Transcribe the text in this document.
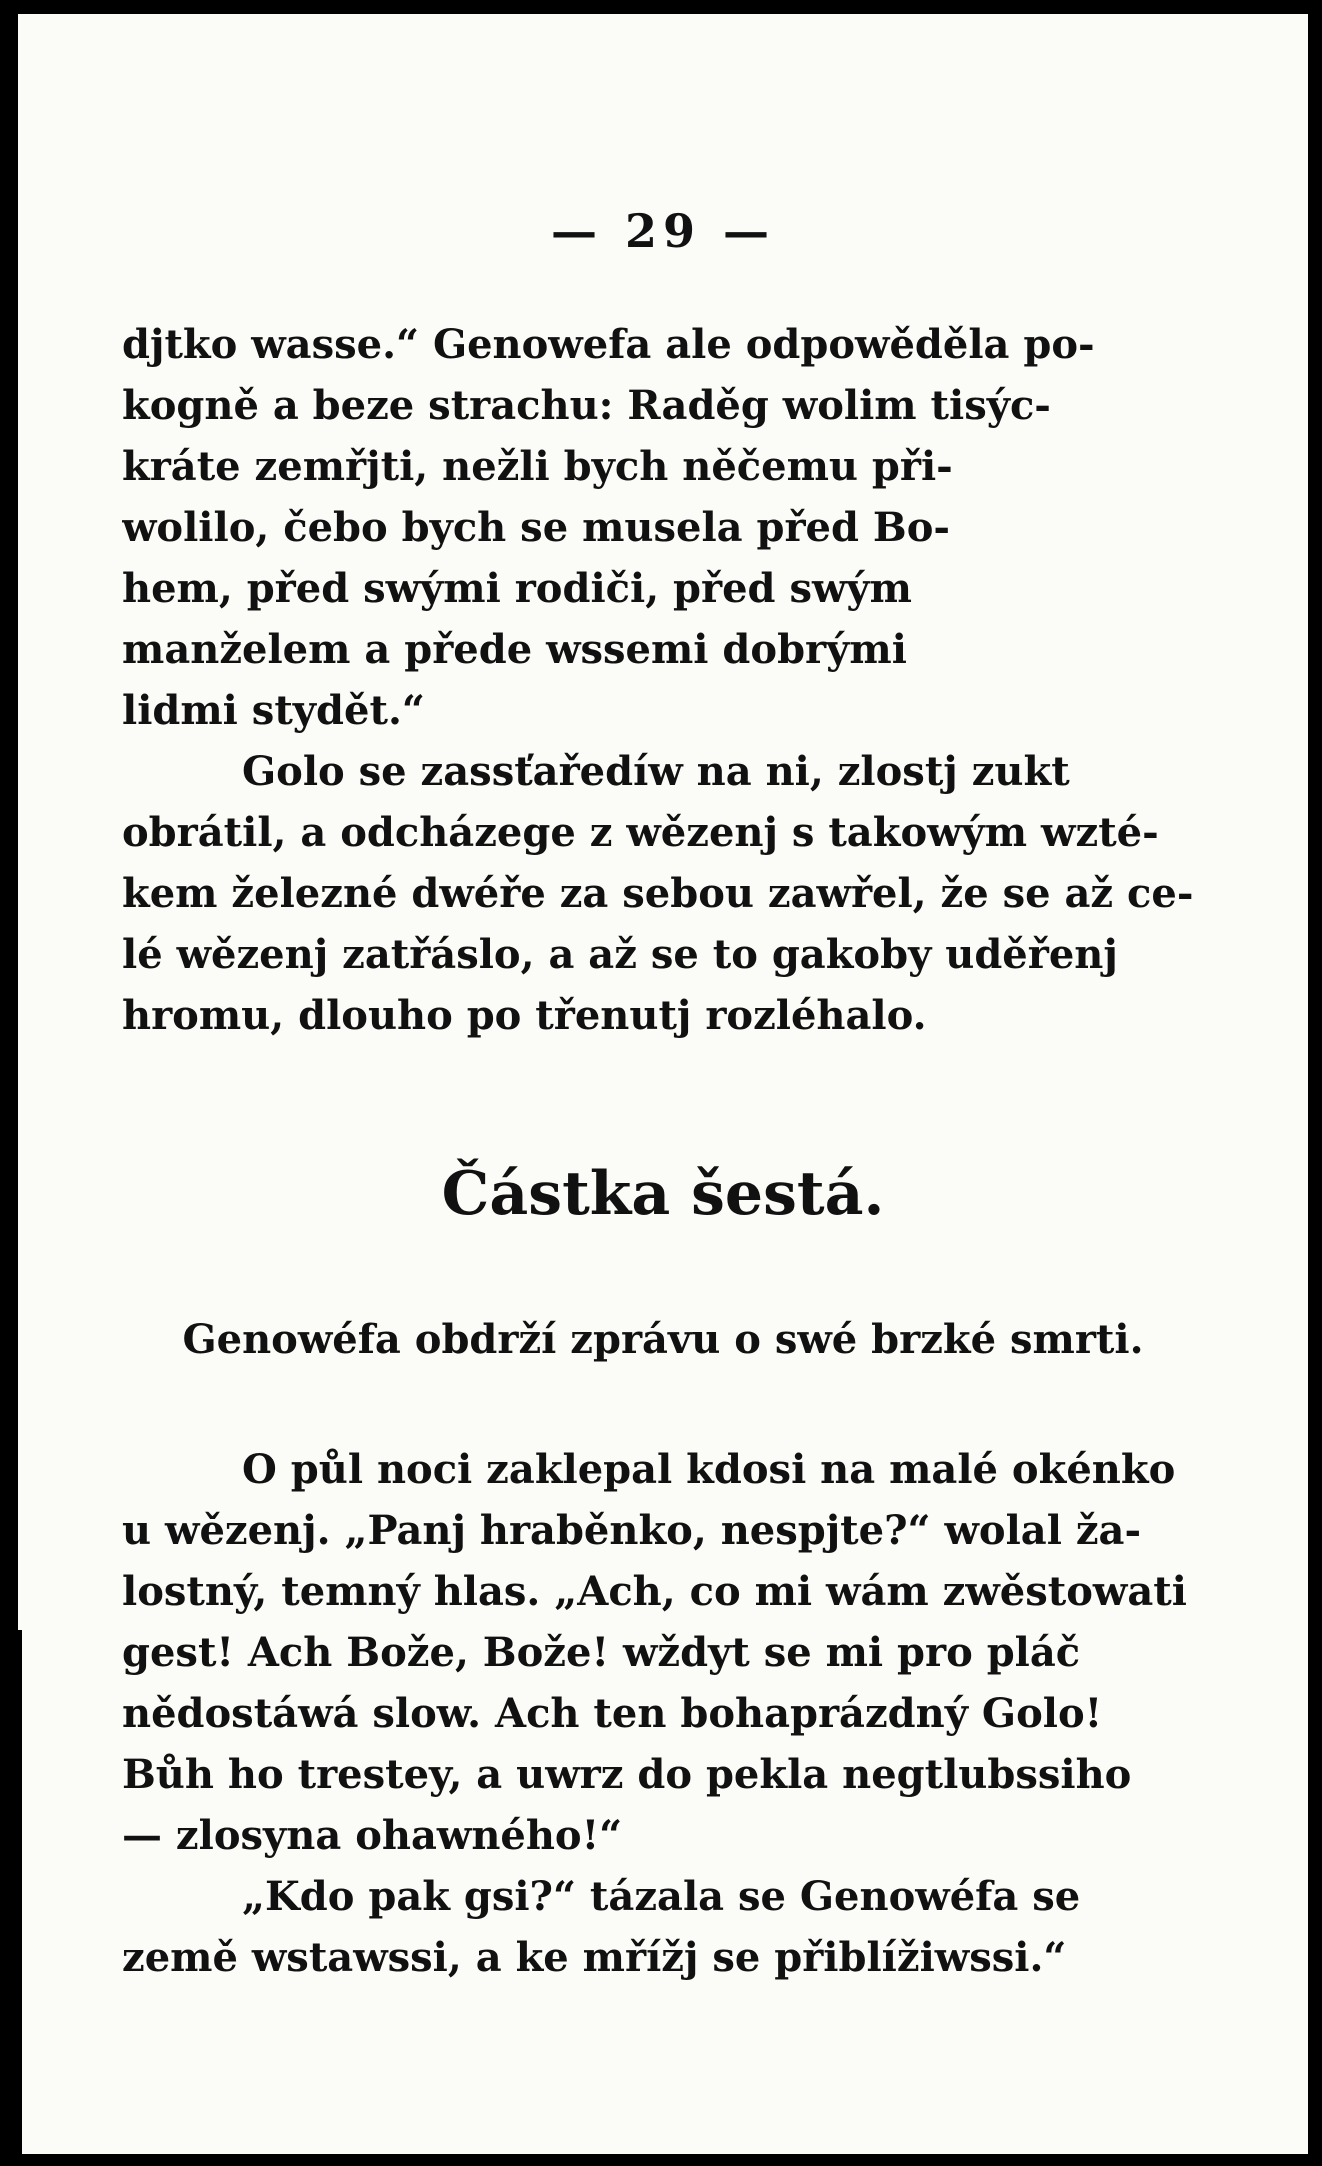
— 29 —
djtko wasse.“ Genowefa ale odpowěděla po-
kogně a beze strachu: Raděg wolim tisýc-
kráte zemřjti, nežli bych něčemu při-
wolilo, čebo bych se musela před Bo-
hem, před swými rodiči, před swým
manželem a přede wssemi dobrými
lidmi stydět.“
Golo se zassťaředíw na ni, zlostj zukt
obrátil, a odcházege z wězenj s takowým wzté-
kem železné dwéře za sebou zawřel, že se až ce-
lé wězenj zatřáslo, a až se to gakoby uděřenj
hromu, dlouho po třenutj rozléhalo.
Částka šestá.
Genowéfa obdrží zprávu o swé brzké smrti.
O půl noci zaklepal kdosi na malé okénko
u wězenj. „Panj hraběnko, nespjte?“ wolal ža-
lostný, temný hlas. „Ach, co mi wám zwěstowati
gest! Ach Bože, Bože! wždyt se mi pro pláč
nědostáwá slow. Ach ten bohaprázdný Golo!
Bůh ho trestey, a uwrz do pekla negtlubssiho
— zlosyna ohawného!“
„Kdo pak gsi?“ tázala se Genowéfa se
země wstawssi, a ke mřížj se přiblížiwssi.“
